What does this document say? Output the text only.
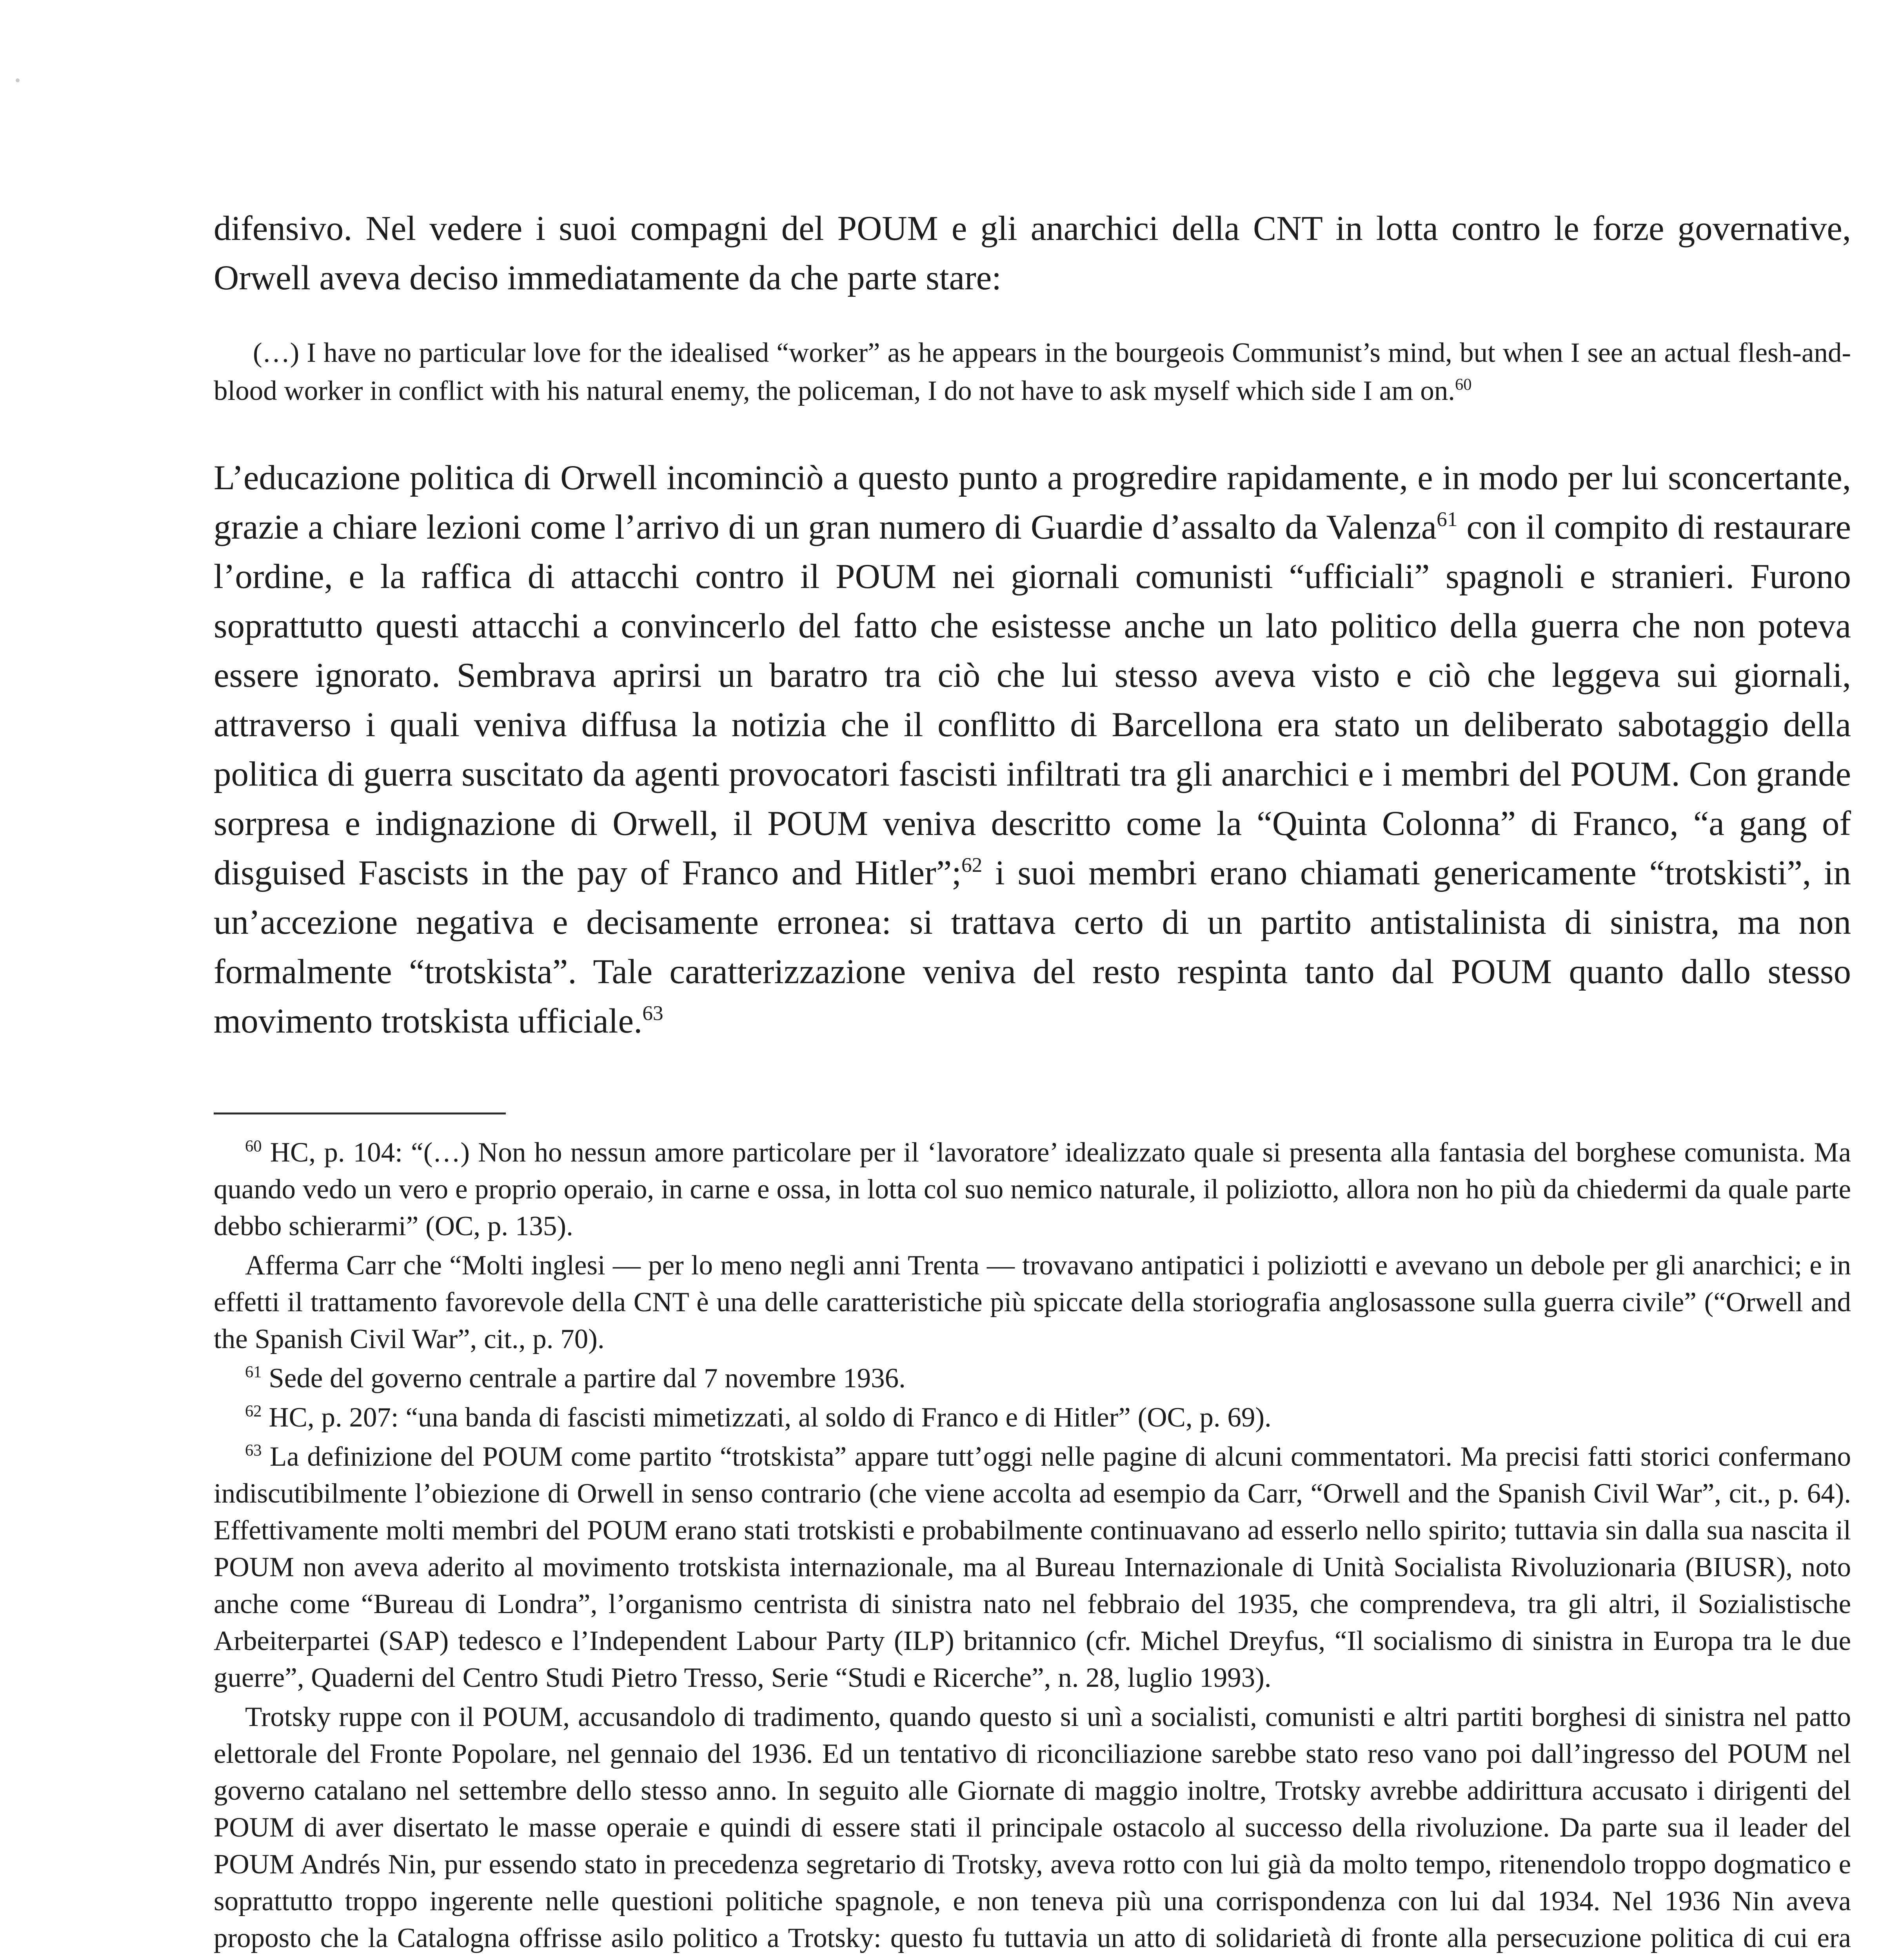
difensivo. Nel vedere i suoi compagni del POUM e gli anarchici della CNT in lotta contro le forze governative, Orwell aveva deciso immediatamente da che parte stare:

(…) I have no particular love for the idealised “worker” as he appears in the bourgeois Communist’s mind, but when I see an actual flesh-and-blood worker in conflict with his natural enemy, the policeman, I do not have to ask myself which side I am on.$^{60}$

L’educazione politica di Orwell incominciò a questo punto a progredire rapidamente, e in modo per lui sconcertante, grazie a chiare lezioni come l’arrivo di un gran numero di Guardie d’assalto da Valenza$^{61}$ con il compito di restaurare l’ordine, e la raffica di attacchi contro il POUM nei giornali comunisti “ufficiali” spagnoli e stranieri. Furono soprattutto questi attacchi a convincerlo del fatto che esistesse anche un lato politico della guerra che non poteva essere ignorato. Sembrava aprirsi un baratro tra ciò che lui stesso aveva visto e ciò che leggeva sui giornali, attraverso i quali veniva diffusa la notizia che il conflitto di Barcellona era stato un deliberato sabotaggio della politica di guerra suscitato da agenti provocatori fascisti infiltrati tra gli anarchici e i membri del POUM. Con grande sorpresa e indignazione di Orwell, il POUM veniva descritto come la “Quinta Colonna” di Franco, “a gang of disguised Fascists in the pay of Franco and Hitler”;$^{62}$ i suoi membri erano chiamati genericamente “trotskisti”, in un’accezione negativa e decisamente erronea: si trattava certo di un partito antistalinista di sinistra, ma non formalmente “trotskista”. Tale caratterizzazione veniva del resto respinta tanto dal POUM quanto dallo stesso movimento trotskista ufficiale.$^{63}$

$^{60}$ HC, p. 104: “(…) Non ho nessun amore particolare per il ‘lavoratore’ idealizzato quale si presenta alla fantasia del borghese comunista. Ma quando vedo un vero e proprio operaio, in carne e ossa, in lotta col suo nemico naturale, il poliziotto, allora non ho più da chiedermi da quale parte debbo schierarmi” (OC, p. 135).

Afferma Carr che “Molti inglesi — per lo meno negli anni Trenta — trovavano antipatici i poliziotti e avevano un debole per gli anarchici; e in effetti il trattamento favorevole della CNT è una delle caratteristiche più spiccate della storiografia anglosassone sulla guerra civile” (“Orwell and the Spanish Civil War”, cit., p. 70).

$^{61}$ Sede del governo centrale a partire dal 7 novembre 1936.

$^{62}$ HC, p. 207: “una banda di fascisti mimetizzati, al soldo di Franco e di Hitler” (OC, p. 69).

$^{63}$ La definizione del POUM come partito “trotskista” appare tutt’oggi nelle pagine di alcuni commentatori. Ma precisi fatti storici confermano indiscutibilmente l’obiezione di Orwell in senso contrario (che viene accolta ad esempio da Carr, “Orwell and the Spanish Civil War”, cit., p. 64). Effettivamente molti membri del POUM erano stati trotskisti e probabilmente continuavano ad esserlo nello spirito; tuttavia sin dalla sua nascita il POUM non aveva aderito al movimento trotskista internazionale, ma al Bureau Internazionale di Unità Socialista Rivoluzionaria (BIUSR), noto anche come “Bureau di Londra”, l’organismo centrista di sinistra nato nel febbraio del 1935, che comprendeva, tra gli altri, il Sozialistische Arbeiterpartei (SAP) tedesco e l’Independent Labour Party (ILP) britannico (cfr. Michel Dreyfus, “Il socialismo di sinistra in Europa tra le due guerre”, Quaderni del Centro Studi Pietro Tresso, Serie “Studi e Ricerche”, n. 28, luglio 1993).

Trotsky ruppe con il POUM, accusandolo di tradimento, quando questo si unì a socialisti, comunisti e altri partiti borghesi di sinistra nel patto elettorale del Fronte Popolare, nel gennaio del 1936. Ed un tentativo di riconciliazione sarebbe stato reso vano poi dall’ingresso del POUM nel governo catalano nel settembre dello stesso anno. In seguito alle Giornate di maggio inoltre, Trotsky avrebbe addirittura accusato i dirigenti del POUM di aver disertato le masse operaie e quindi di essere stati il principale ostacolo al successo della rivoluzione. Da parte sua il leader del POUM Andrés Nin, pur essendo stato in precedenza segretario di Trotsky, aveva rotto con lui già da molto tempo, ritenendolo troppo dogmatico e soprattutto troppo ingerente nelle questioni politiche spagnole, e non teneva più una corrispondenza con lui dal 1934. Nel 1936 Nin aveva proposto che la Catalogna offrisse asilo politico a Trotsky: questo fu tuttavia un atto di solidarietà di fronte alla persecuzione politica di cui era
